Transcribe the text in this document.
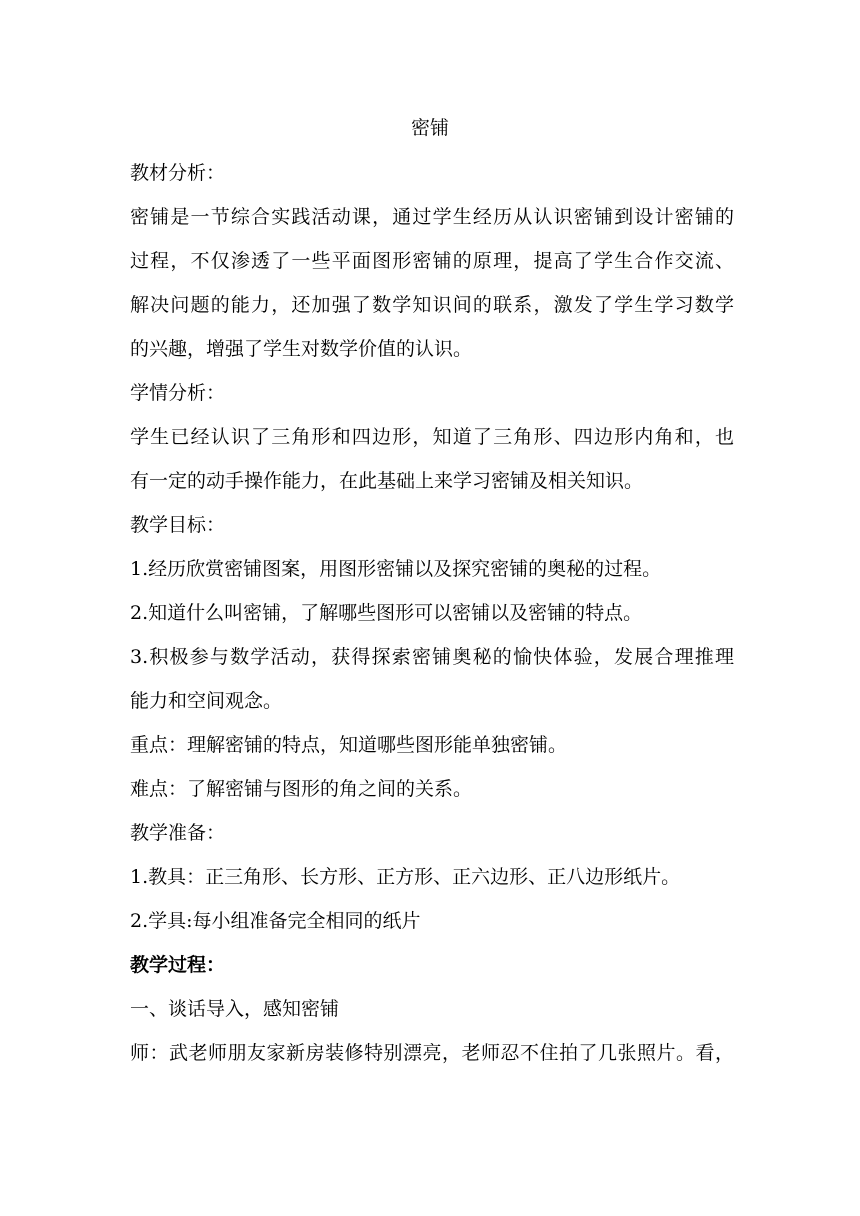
密铺
教材分析：
密铺是一节综合实践活动课，通过学生经历从认识密铺到设计密铺的
过程，不仅渗透了一些平面图形密铺的原理，提高了学生合作交流、
解决问题的能力，还加强了数学知识间的联系，激发了学生学习数学
的兴趣，增强了学生对数学价值的认识。
学情分析：
学生已经认识了三角形和四边形，知道了三角形、四边形内角和，也
有一定的动手操作能力，在此基础上来学习密铺及相关知识。
教学目标：
1.经历欣赏密铺图案，用图形密铺以及探究密铺的奥秘的过程。
2.知道什么叫密铺，了解哪些图形可以密铺以及密铺的特点。
3.积极参与数学活动，获得探索密铺奥秘的愉快体验，发展合理推理
能力和空间观念。
重点：理解密铺的特点，知道哪些图形能单独密铺。
难点：了解密铺与图形的角之间的关系。
教学准备：
1.教具：正三角形、长方形、正方形、正六边形、正八边形纸片。
2.学具:每小组准备完全相同的纸片
教学过程：
一、谈话导入，感知密铺
师：武老师朋友家新房装修特别漂亮，老师忍不住拍了几张照片。看，
